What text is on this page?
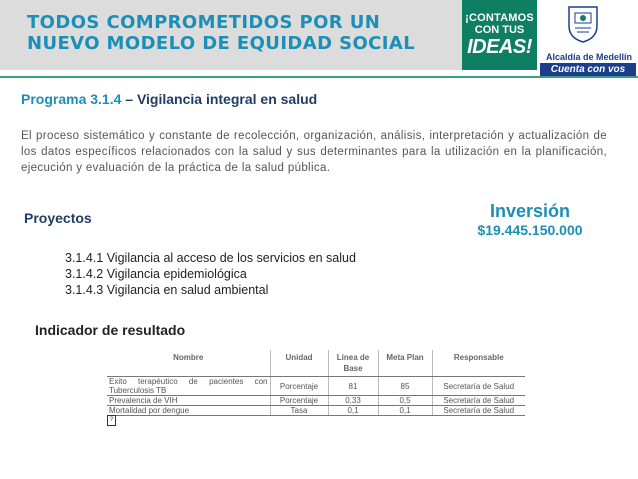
TODOS COMPROMETIDOS POR UN
NUEVO MODELO DE EQUIDAD SOCIAL
¡CONTAMOS
CON TUS
IDEAS!	Alcaldía de Medellín
Cuenta con vos
Programa 3.1.4 – Vigilancia integral en salud
El proceso sistemático y constante de recolección, organización, análisis, interpretación y actualización de los datos específicos relacionados con la salud y sus determinantes para la utilización en la planificación, ejecución y evaluación de la práctica de la salud pública.
Proyectos	Inversión
$19.445.150.000
3.1.4.1 Vigilancia al acceso de los servicios en salud
3.1.4.2 Vigilancia epidemiológica
3.1.4.3 Vigilancia en salud ambiental
Indicador de resultado
Nombre	Unidad	Línea de Base	Meta Plan	Responsable
Exito terapéutico de pacientes con Tuberculosis TB	Porcentaje	81	85	Secretaría de Salud
Prevalencia de VIH	Porcentaje	0,33	0,5	Secretaría de Salud
Mortalidad por dengue	Tasa	0,1	0,1	Secretaría de Salud
?
